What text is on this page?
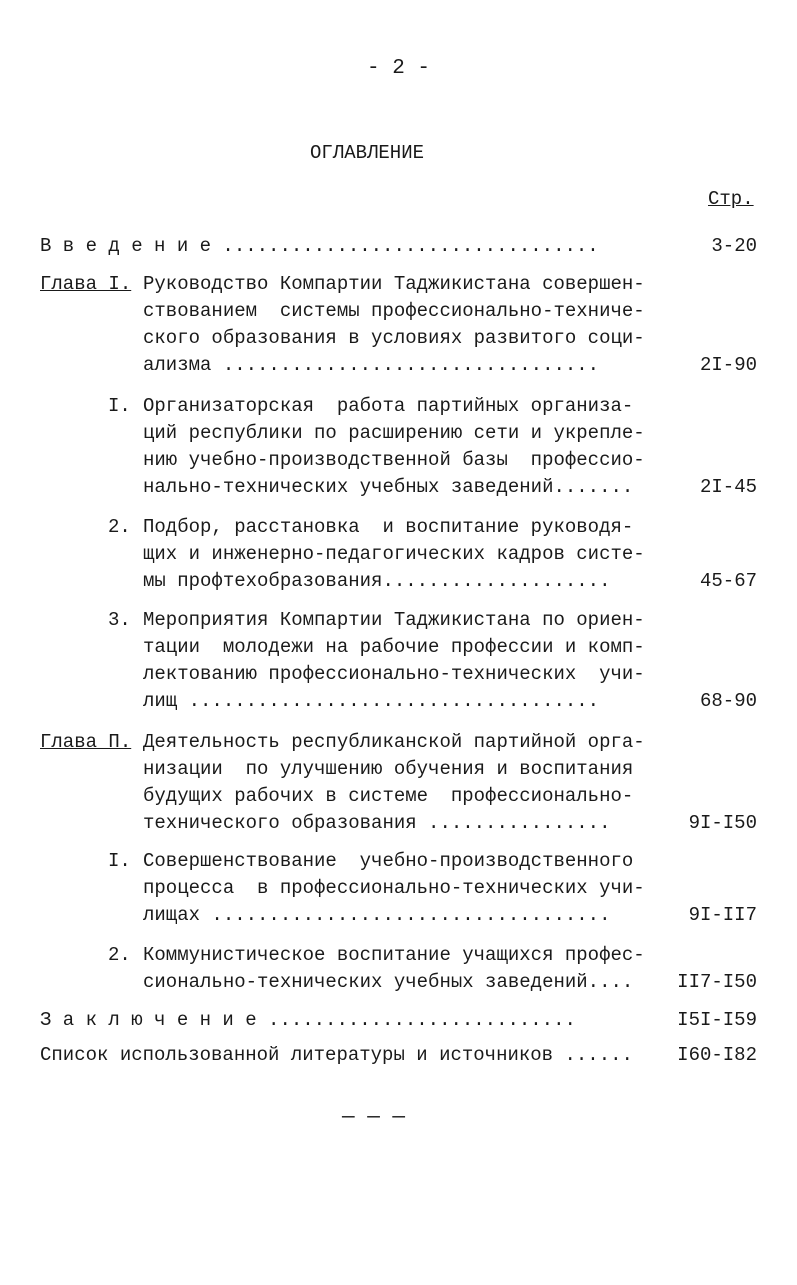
- 2 -
ОГЛАВЛЕНИЕ
Стр.
В в е д е н и е .................................	3-20
Глава I. Руководство Компартии Таджикистана совершен-
ствованием  системы профессионально-техниче-
ского образования в условиях развитого соци-
ализма .................................	2I-90
I. Организаторская  работа партийных организа-
ций республики по расширению сети и укрепле-
нию учебно-производственной базы  профессио-
нально-технических учебных заведений.......	2I-45
2. Подбор, расстановка  и воспитание руководя-
щих и инженерно-педагогических кадров систе-
мы профтехобразования....................	45-67
3. Мероприятия Компартии Таджикистана по ориен-
тации  молодежи на рабочие профессии и комп-
лектованию профессионально-технических  учи-
лищ ....................................	68-90
Глава П. Деятельность республиканской партийной орга-
низации  по улучшению обучения и воспитания
будущих рабочих в системе  профессионально-
технического образования ................	9I-I50
I. Совершенствование  учебно-производственного
процесса  в профессионально-технических учи-
лищах ...................................	9I-II7
2. Коммунистическое воспитание учащихся профес-
сионально-технических учебных заведений....	II7-I50
З а к л ю ч е н и е ...........................	I5I-I59
Список использованной литературы и источников ...... I60-I82
— — —
